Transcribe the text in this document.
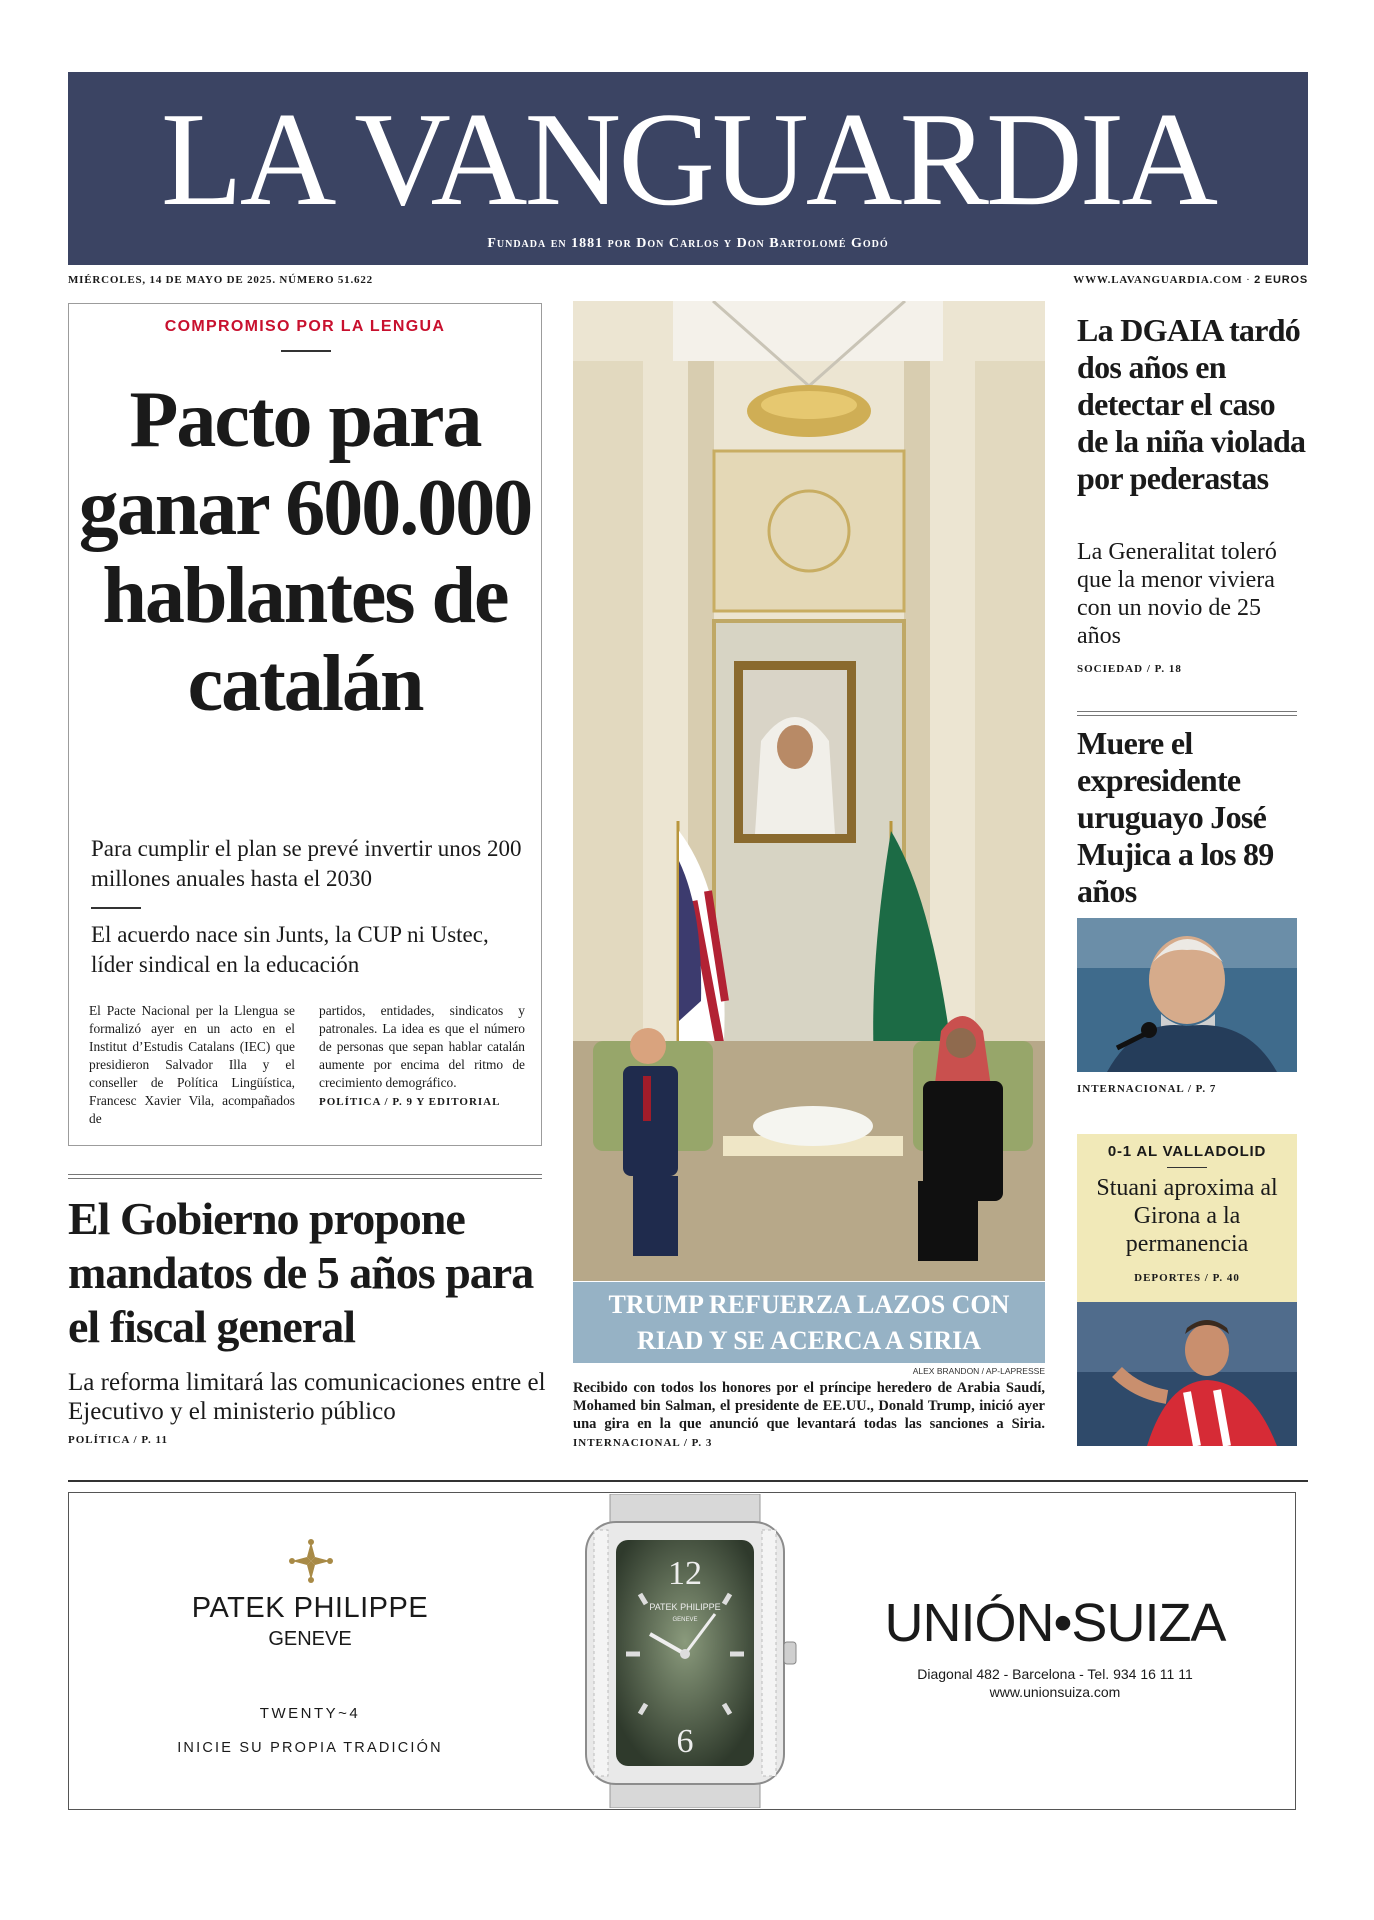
LA VANGUARDIA
Fundada en 1881 por Don Carlos y Don Bartolomé Godó
MIÉRCOLES, 14 DE MAYO DE 2025. NÚMERO 51.622	WWW.LAVANGUARDIA.COM · 2 EUROS
COMPROMISO POR LA LENGUA
Pacto para ganar 600.000 hablantes de catalán
Para cumplir el plan se prevé invertir unos 200 millones anuales hasta el 2030
El acuerdo nace sin Junts, la CUP ni Ustec, líder sindical en la educación
El Pacte Nacional per la Llengua se formalizó ayer en un acto en el Institut d’Estudis Catalans (IEC) que presidieron Salvador Illa y el conseller de Política Lingüística, Francesc Xavier Vila, acompañados de
partidos, entidades, sindicatos y patronales. La idea es que el número de personas que sepan hablar catalán aumente por encima del ritmo de crecimiento demográfico.
POLÍTICA / P. 9 Y EDITORIAL
El Gobierno propone mandatos de 5 años para el fiscal general
La reforma limitará las comunicaciones entre el Ejecutivo y el ministerio público
POLÍTICA / P. 11
TRUMP REFUERZA LAZOS CON RIAD Y SE ACERCA A SIRIA
ALEX BRANDON / AP-LAPRESSE
Recibido con todos los honores por el príncipe heredero de Arabia Saudí, Mohamed bin Salman, el presidente de EE.UU., Donald Trump, inició ayer una gira en la que anunció que levantará todas las sanciones a Siria. INTERNACIONAL / P. 3
La DGAIA tardó dos años en detectar el caso de la niña violada por pederastas
La Generalitat toleró que la menor viviera con un novio de 25 años
SOCIEDAD / P. 18
Muere el expresidente uruguayo José Mujica a los 89 años
INTERNACIONAL / P. 7
0-1 AL VALLADOLID
Stuani aproxima al Girona a la permanencia
DEPORTES / P. 40
PATEK PHILIPPE
GENEVE
TWENTY~4
INICIE SU PROPIA TRADICIÓN
12
6
PATEK PHILIPPE
GENEVE	UNIÓN•SUIZA
Diagonal 482 - Barcelona - Tel. 934 16 11 11
www.unionsuiza.com
